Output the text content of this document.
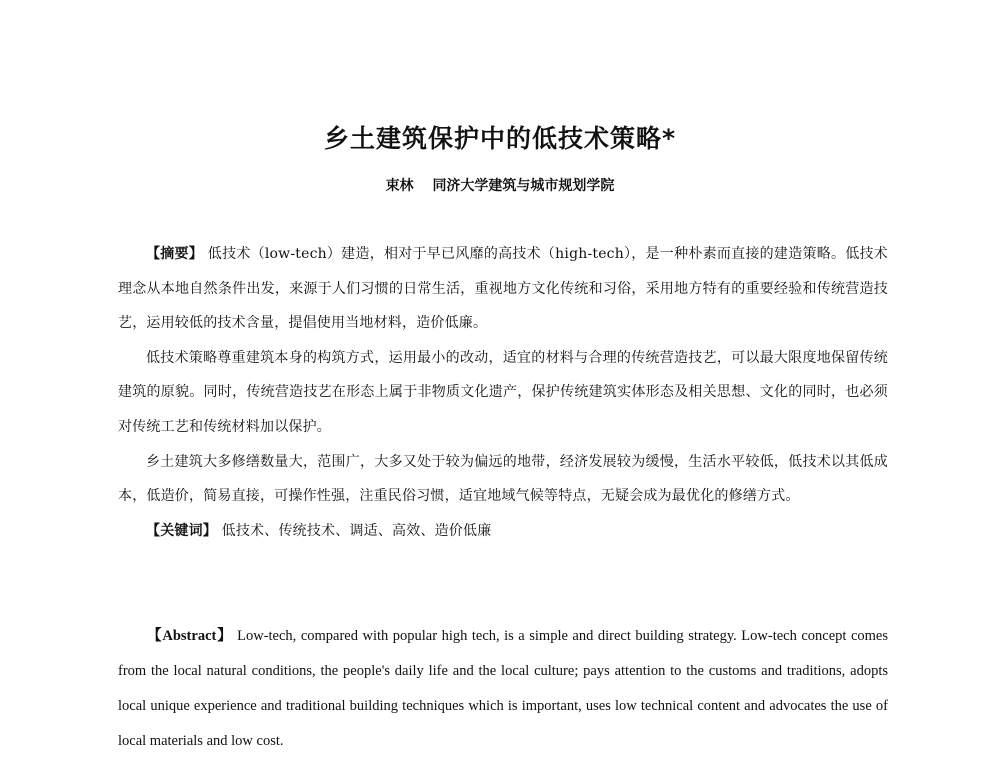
乡土建筑保护中的低技术策略*
束林 同济大学建筑与城市规划学院

【摘要】 低技术（low-tech）建造，相对于早已风靡的高技术（high-tech），是一种朴素而直接的建造策略。低技术理念从本地自然条件出发，来源于人们习惯的日常生活，重视地方文化传统和习俗，采用地方特有的重要经验和传统营造技艺，运用较低的技术含量，提倡使用当地材料，造价低廉。

低技术策略尊重建筑本身的构筑方式，运用最小的改动，适宜的材料与合理的传统营造技艺，可以最大限度地保留传统建筑的原貌。同时，传统营造技艺在形态上属于非物质文化遗产，保护传统建筑实体形态及相关思想、文化的同时，也必须对传统工艺和传统材料加以保护。

乡土建筑大多修缮数量大，范围广，大多又处于较为偏远的地带，经济发展较为缓慢，生活水平较低，低技术以其低成本，低造价，简易直接，可操作性强，注重民俗习惯，适宜地域气候等特点，无疑会成为最优化的修缮方式。

【关键词】 低技术、传统技术、调适、高效、造价低廉

【Abstract】 Low-tech, compared with popular high tech, is a simple and direct building strategy. Low-tech concept comes from the local natural conditions, the people's daily life and the local culture; pays attention to the customs and traditions, adopts local unique experience and traditional building techniques which is important, uses low technical content and advocates the use of local materials and low cost.
